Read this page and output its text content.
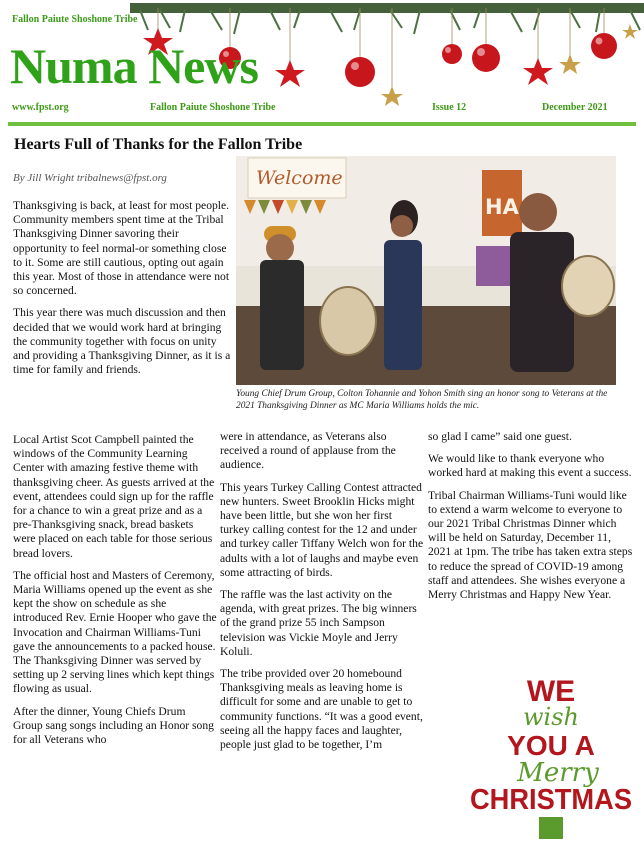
Fallon Paiute Shoshone Tribe
Numa News
www.fpst.org	Fallon Paiute Shoshone Tribe	Issue 12	December 2021
Hearts Full of Thanks for the Fallon Tribe
By Jill Wright tribalnews@fpst.org	Welcome
HA
Young Chief Drum Group, Colton Tohannie and Yohon Smith sing an honor song to Veterans at the 2021 Thanksgiving Dinner as MC Maria Williams holds the mic.

Thanksgiving is back, at least for most people. Community members spent time at the Tribal Thanksgiving Dinner savoring their opportunity to feel normal-or something close to it. Some are still cautious, opting out again this year. Most of those in attendance were not so concerned.

This year there was much discussion and then decided that we would work hard at bringing the community together with focus on unity and providing a Thanksgiving Dinner, as it is a time for family and friends.

Local Artist Scot Campbell painted the windows of the Community Learning Center with amazing festive theme with thanksgiving cheer. As guests arrived at the event, attendees could sign up for the raffle for a chance to win a great prize and as a pre-Thanksgiving snack, bread baskets were placed on each table for those serious bread lovers.

The official host and Masters of Ceremony, Maria Williams opened up the event as she kept the show on schedule as she introduced Rev. Ernie Hooper who gave the Invocation and Chairman Williams-Tuni gave the announcements to a packed house. The Thanksgiving Dinner was served by setting up 2 serving lines which kept things flowing as usual.

After the dinner, Young Chiefs Drum Group sang songs including an Honor song for all Veterans who

were in attendance, as Veterans also received a round of applause from the audience.

This years Turkey Calling Contest attracted new hunters. Sweet Brooklin Hicks might have been little, but she won her first turkey calling contest for the 12 and under and turkey caller Tiffany Welch won for the adults with a lot of laughs and maybe even some attracting of birds.

The raffle was the last activity on the agenda, with great prizes. The big winners of the grand prize 55 inch Sampson television was Vickie Moyle and Jerry Koluli.

The tribe provided over 20 homebound Thanksgiving meals as leaving home is difficult for some and are unable to get to community functions. “It was a good event, seeing all the happy faces and laughter, people just glad to be together, I’m

so glad I came” said one guest.

We would like to thank everyone who worked hard at making this event a success.

Tribal Chairman Williams-Tuni would like to extend a warm welcome to everyone to our 2021 Tribal Christmas Dinner which will be held on Saturday, December 11, 2021 at 1pm. The tribe has taken extra steps to reduce the spread of COVID-19 among staff and attendees. She wishes everyone a Merry Christmas and Happy New Year.

WE
wish
YOU A
Merry
CHRISTMAS
